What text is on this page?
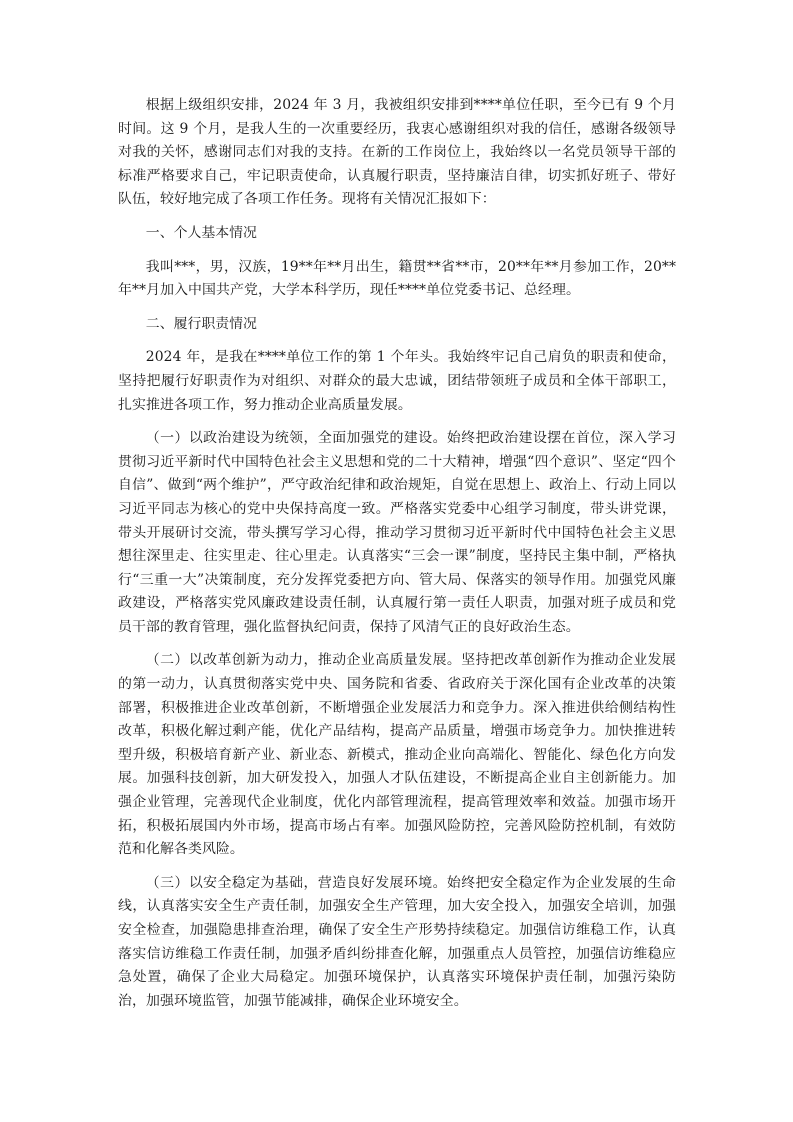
根据上级组织安排，2024 年 3 月，我被组织安排到****单位任职，至今已有 9 个月时间。这 9 个月，是我人生的一次重要经历，我衷心感谢组织对我的信任，感谢各级领导对我的关怀，感谢同志们对我的支持。在新的工作岗位上，我始终以一名党员领导干部的标准严格要求自己，牢记职责使命，认真履行职责，坚持廉洁自律，切实抓好班子、带好队伍，较好地完成了各项工作任务。现将有关情况汇报如下：

一、个人基本情况

我叫***，男，汉族，19**年**月出生，籍贯**省**市，20**年**月参加工作，20**年**月加入中国共产党，大学本科学历，现任****单位党委书记、总经理。

二、履行职责情况

2024 年，是我在****单位工作的第 1 个年头。我始终牢记自己肩负的职责和使命，坚持把履行好职责作为对组织、对群众的最大忠诚，团结带领班子成员和全体干部职工，扎实推进各项工作，努力推动企业高质量发展。

（一）以政治建设为统领，全面加强党的建设。始终把政治建设摆在首位，深入学习贯彻习近平新时代中国特色社会主义思想和党的二十大精神，增强“四个意识”、坚定“四个自信”、做到“两个维护”，严守政治纪律和政治规矩，自觉在思想上、政治上、行动上同以习近平同志为核心的党中央保持高度一致。严格落实党委中心组学习制度，带头讲党课，带头开展研讨交流，带头撰写学习心得，推动学习贯彻习近平新时代中国特色社会主义思想往深里走、往实里走、往心里走。认真落实“三会一课”制度，坚持民主集中制，严格执行“三重一大”决策制度，充分发挥党委把方向、管大局、保落实的领导作用。加强党风廉政建设，严格落实党风廉政建设责任制，认真履行第一责任人职责，加强对班子成员和党员干部的教育管理，强化监督执纪问责，保持了风清气正的良好政治生态。

（二）以改革创新为动力，推动企业高质量发展。坚持把改革创新作为推动企业发展的第一动力，认真贯彻落实党中央、国务院和省委、省政府关于深化国有企业改革的决策部署，积极推进企业改革创新，不断增强企业发展活力和竞争力。深入推进供给侧结构性改革，积极化解过剩产能，优化产品结构，提高产品质量，增强市场竞争力。加快推进转型升级，积极培育新产业、新业态、新模式，推动企业向高端化、智能化、绿色化方向发展。加强科技创新，加大研发投入，加强人才队伍建设，不断提高企业自主创新能力。加强企业管理，完善现代企业制度，优化内部管理流程，提高管理效率和效益。加强市场开拓，积极拓展国内外市场，提高市场占有率。加强风险防控，完善风险防控机制，有效防范和化解各类风险。

（三）以安全稳定为基础，营造良好发展环境。始终把安全稳定作为企业发展的生命线，认真落实安全生产责任制，加强安全生产管理，加大安全投入，加强安全培训，加强安全检查，加强隐患排查治理，确保了安全生产形势持续稳定。加强信访维稳工作，认真落实信访维稳工作责任制，加强矛盾纠纷排查化解，加强重点人员管控，加强信访维稳应急处置，确保了企业大局稳定。加强环境保护，认真落实环境保护责任制，加强污染防治，加强环境监管，加强节能减排，确保企业环境安全。
